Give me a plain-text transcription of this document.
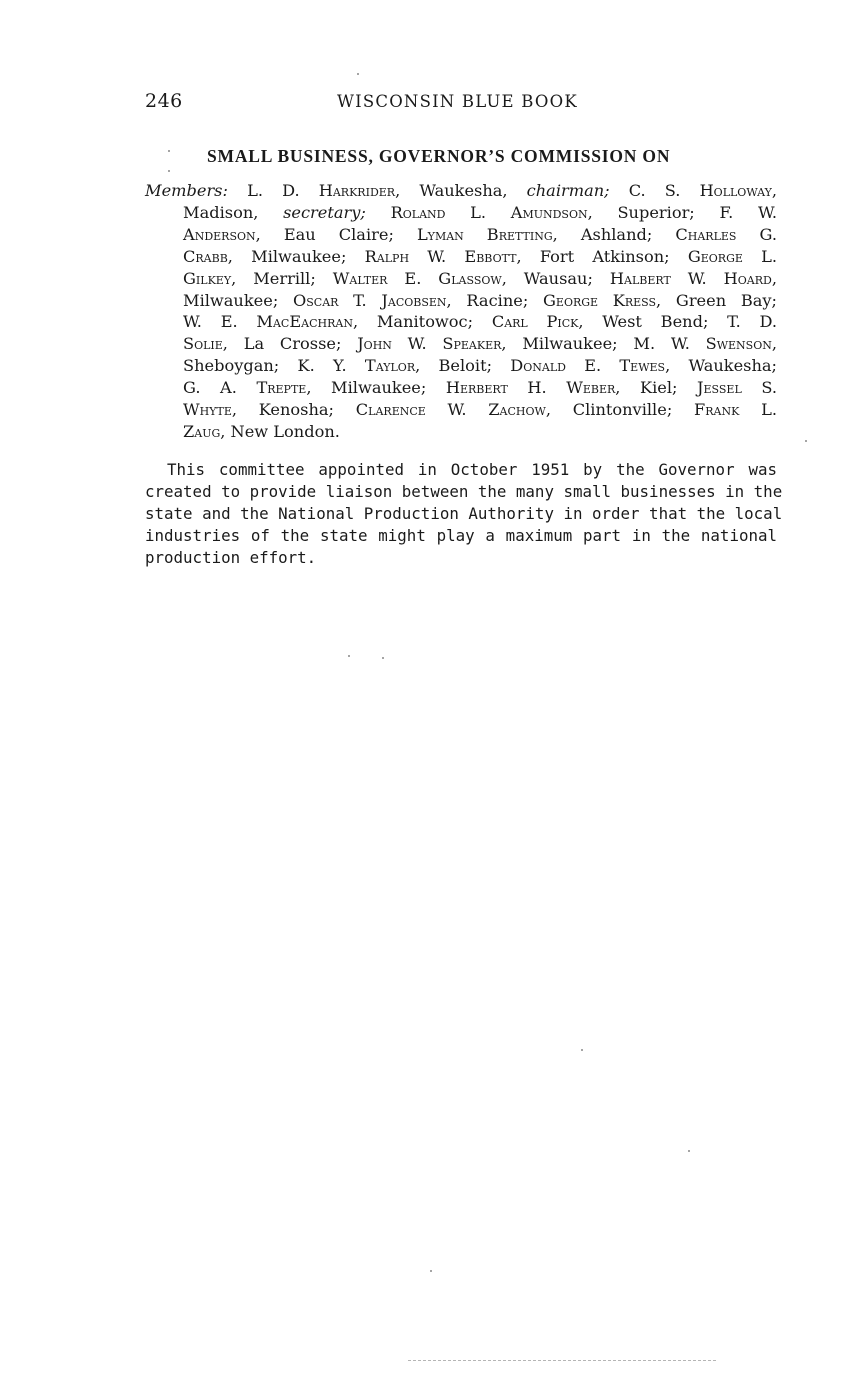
246	WISCONSIN BLUE BOOK
SMALL BUSINESS, GOVERNOR’S COMMISSION ON
Members: L. D. Harkrider, Waukesha, chairman; C. S. Holloway,
Madison, secretary; Roland L. Amundson, Superior; F. W.
Anderson, Eau Claire; Lyman Bretting, Ashland; Charles G.
Crabb, Milwaukee; Ralph W. Ebbott, Fort Atkinson; George L.
Gilkey, Merrill; Walter E. Glassow, Wausau; Halbert W. Hoard,
Milwaukee; Oscar T. Jacobsen, Racine; George Kress, Green Bay;
W. E. MacEachran, Manitowoc; Carl Pick, West Bend; T. D.
Solie, La Crosse; John W. Speaker, Milwaukee; M. W. Swenson,
Sheboygan; K. Y. Taylor, Beloit; Donald E. Tewes, Waukesha;
G. A. Trepte, Milwaukee; Herbert H. Weber, Kiel; Jessel S.
Whyte, Kenosha; Clarence W. Zachow, Clintonville; Frank L.
Zaug, New London.
This committee appointed in October 1951 by the Governor was
created to provide liaison between the many small businesses in the
state and the National Production Authority in order that the local
industries of the state might play a maximum part in the national
production effort.
